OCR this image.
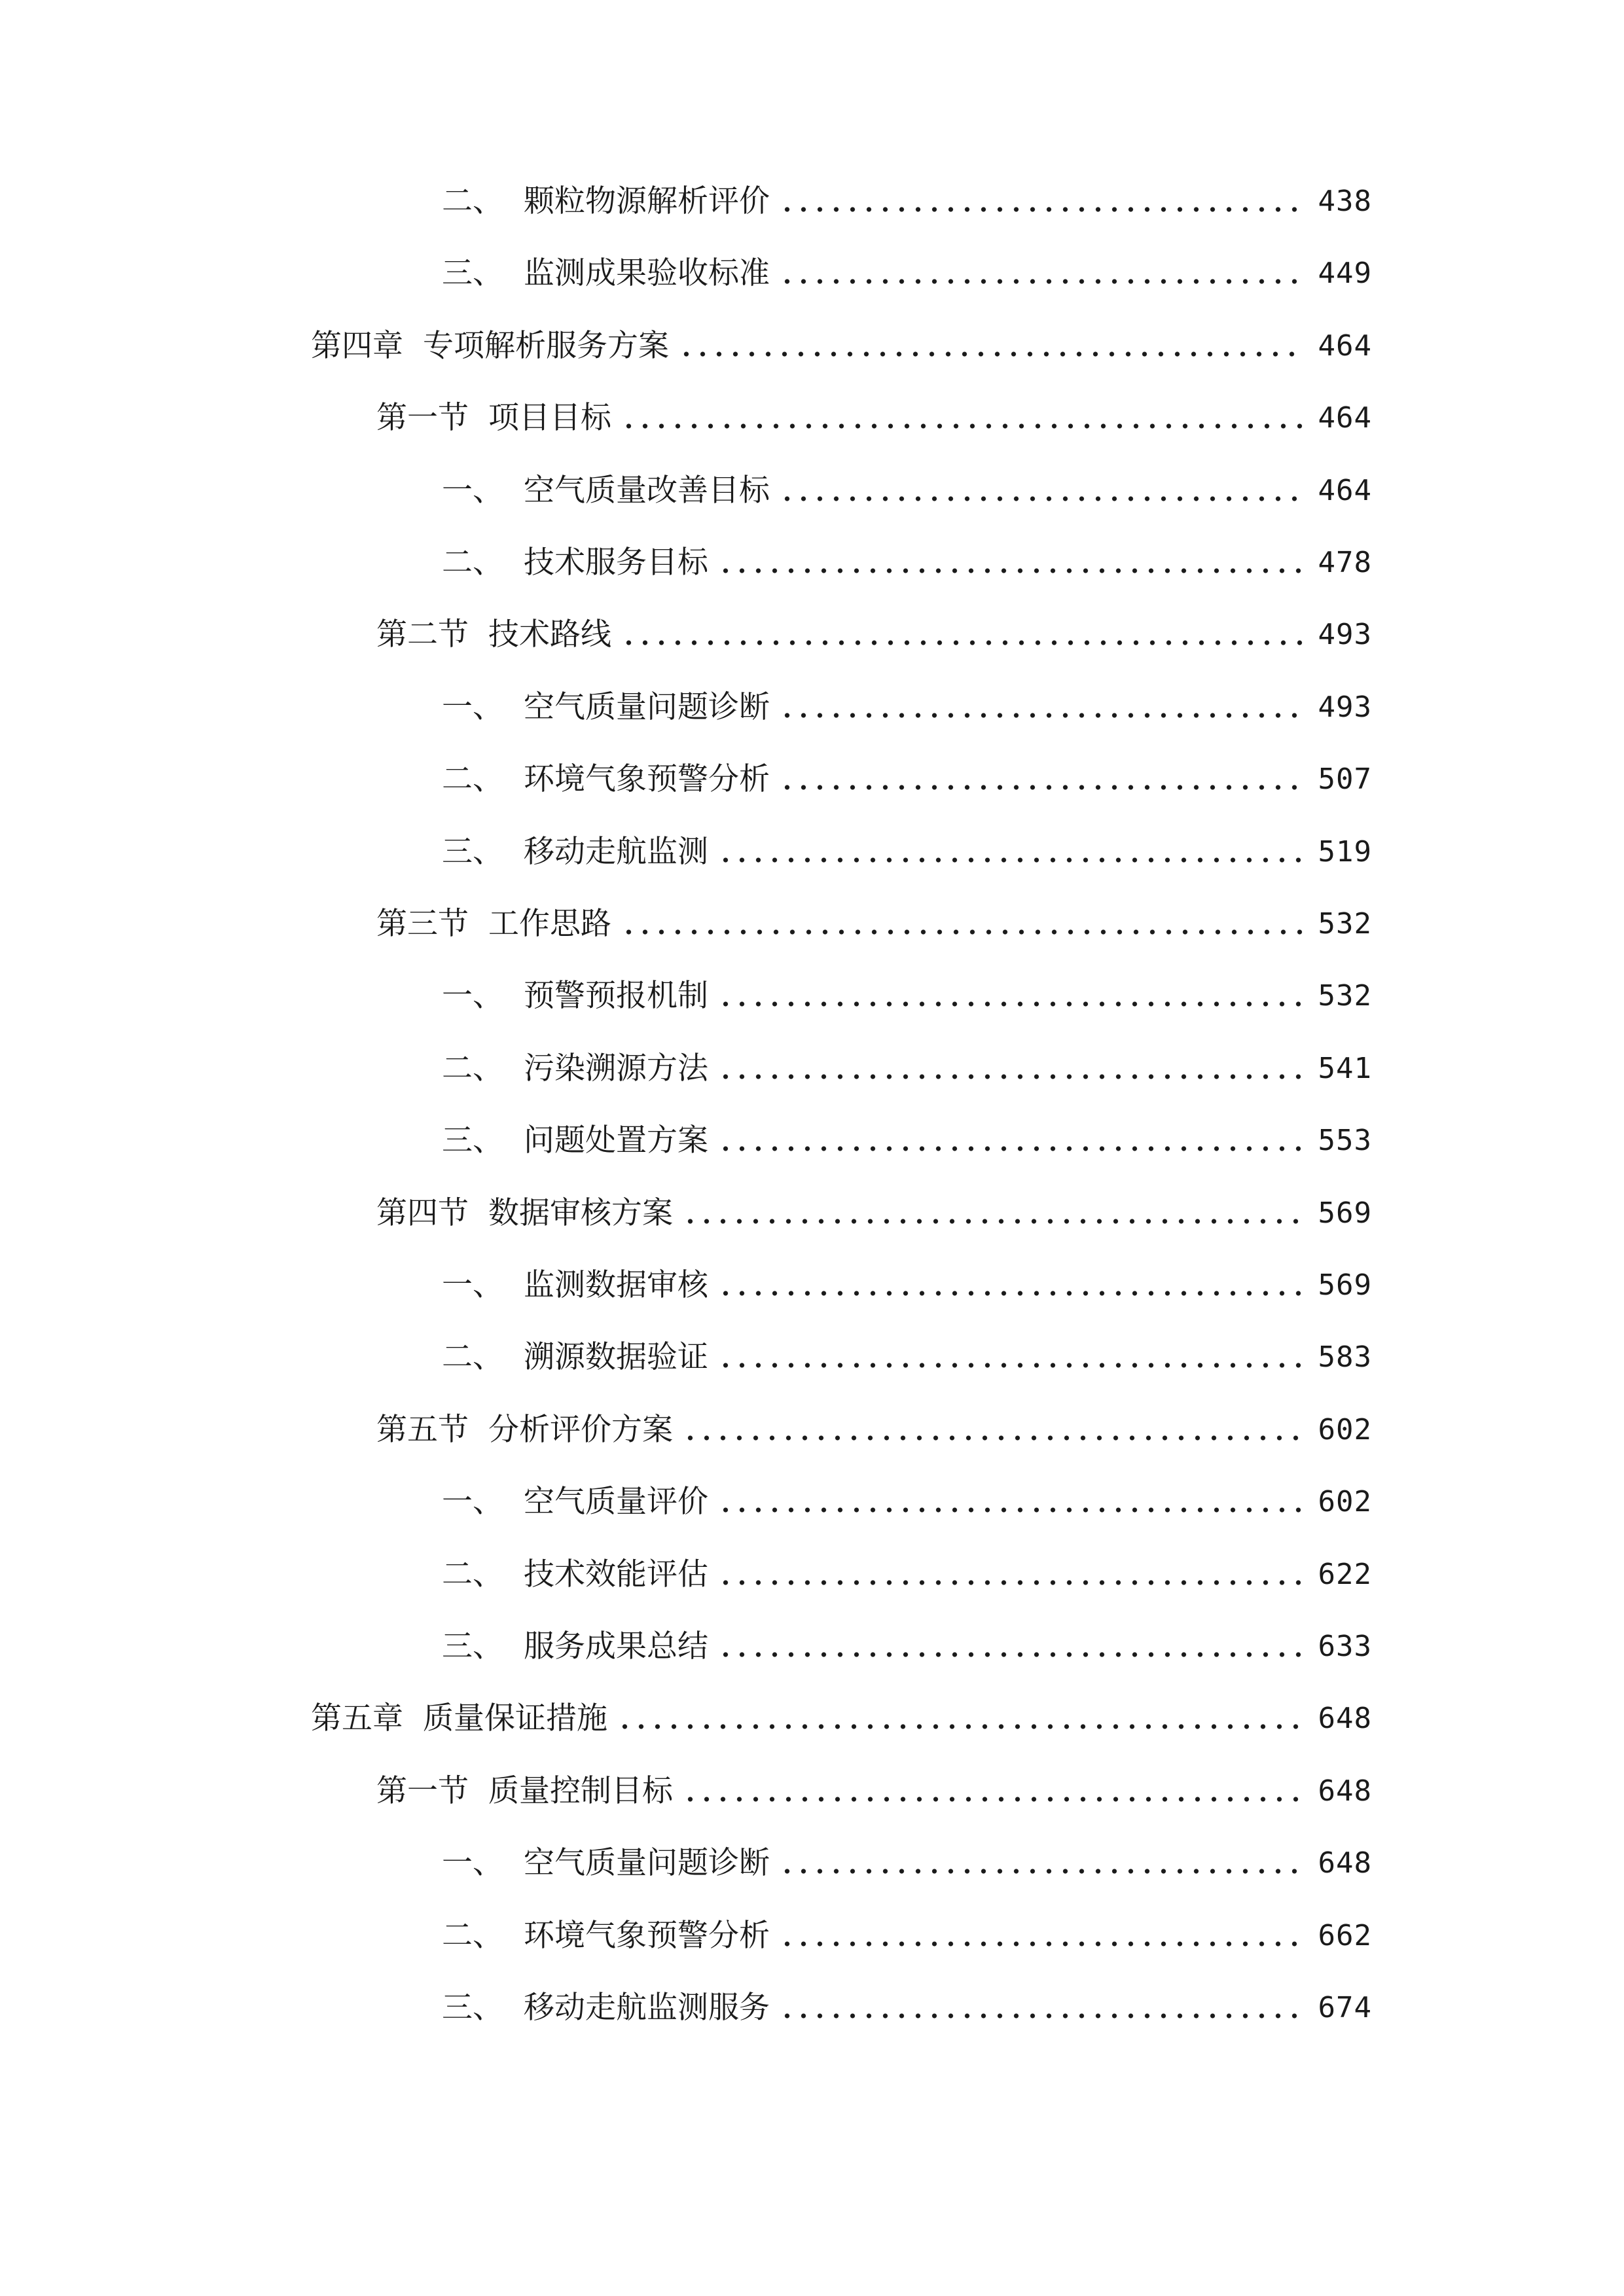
二、 颗粒物源解析评价	438
三、 监测成果验收标准	449
第四章 专项解析服务方案	464
第一节 项目目标	464
一、 空气质量改善目标	464
二、 技术服务目标	478
第二节 技术路线	493
一、 空气质量问题诊断	493
二、 环境气象预警分析	507
三、 移动走航监测	519
第三节 工作思路	532
一、 预警预报机制	532
二、 污染溯源方法	541
三、 问题处置方案	553
第四节 数据审核方案	569
一、 监测数据审核	569
二、 溯源数据验证	583
第五节 分析评价方案	602
一、 空气质量评价	602
二、 技术效能评估	622
三、 服务成果总结	633
第五章 质量保证措施	648
第一节 质量控制目标	648
一、 空气质量问题诊断	648
二、 环境气象预警分析	662
三、 移动走航监测服务	674
